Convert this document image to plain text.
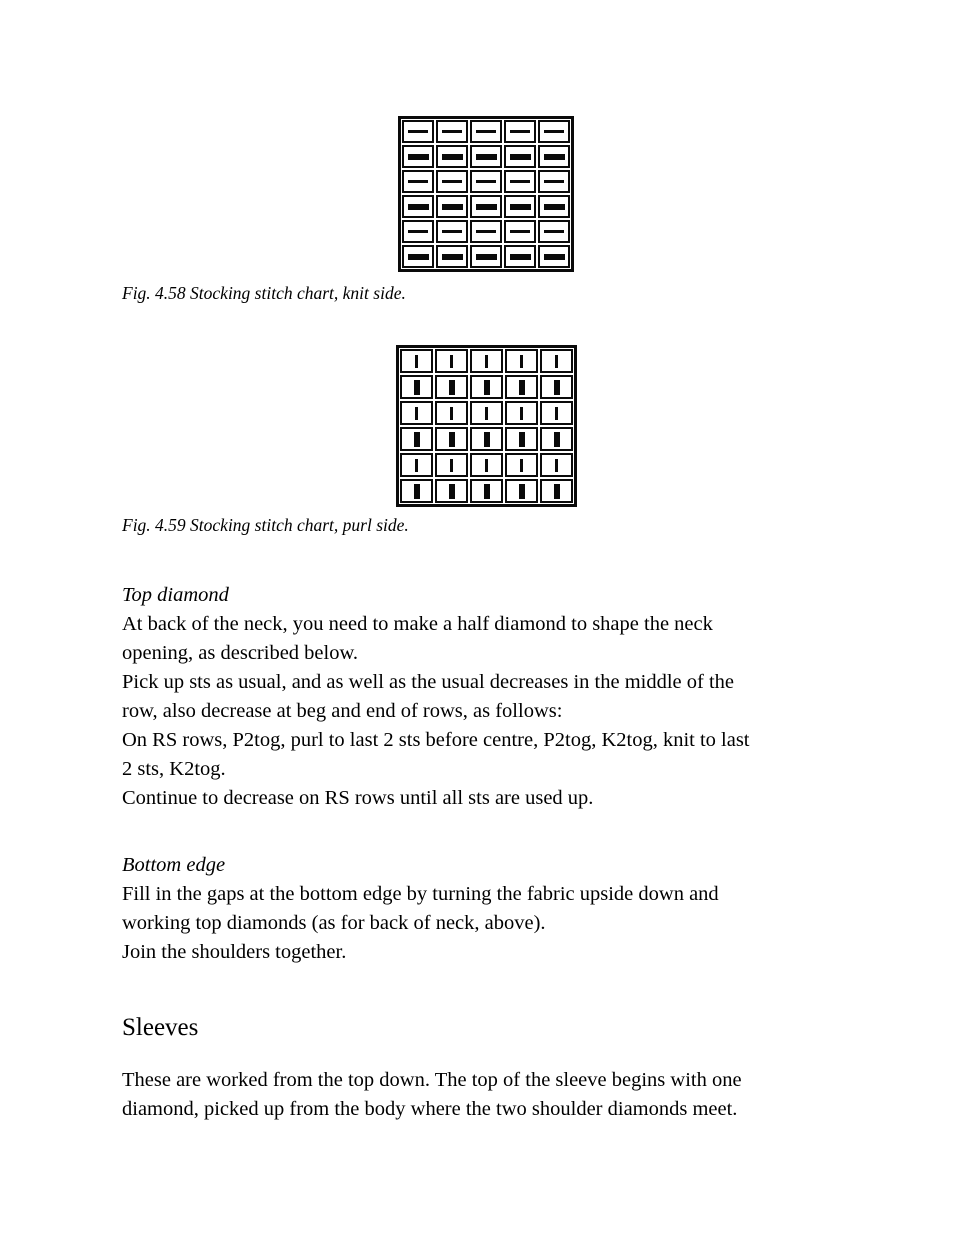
Fig. 4.58 Stocking stitch chart, knit side.

Fig. 4.59 Stocking stitch chart, purl side.

Top diamond
At back of the neck, you need to make a half diamond to shape the neck
opening, as described below.
Pick up sts as usual, and as well as the usual decreases in the middle of the
row, also decrease at beg and end of rows, as follows:
On RS rows, P2tog, purl to last 2 sts before centre, P2tog, K2tog, knit to last
2 sts, K2tog.
Continue to decrease on RS rows until all sts are used up.
Bottom edge
Fill in the gaps at the bottom edge by turning the fabric upside down and
working top diamonds (as for back of neck, above).
Join the shoulders together.
Sleeves
These are worked from the top down. The top of the sleeve begins with one
diamond, picked up from the body where the two shoulder diamonds meet.
